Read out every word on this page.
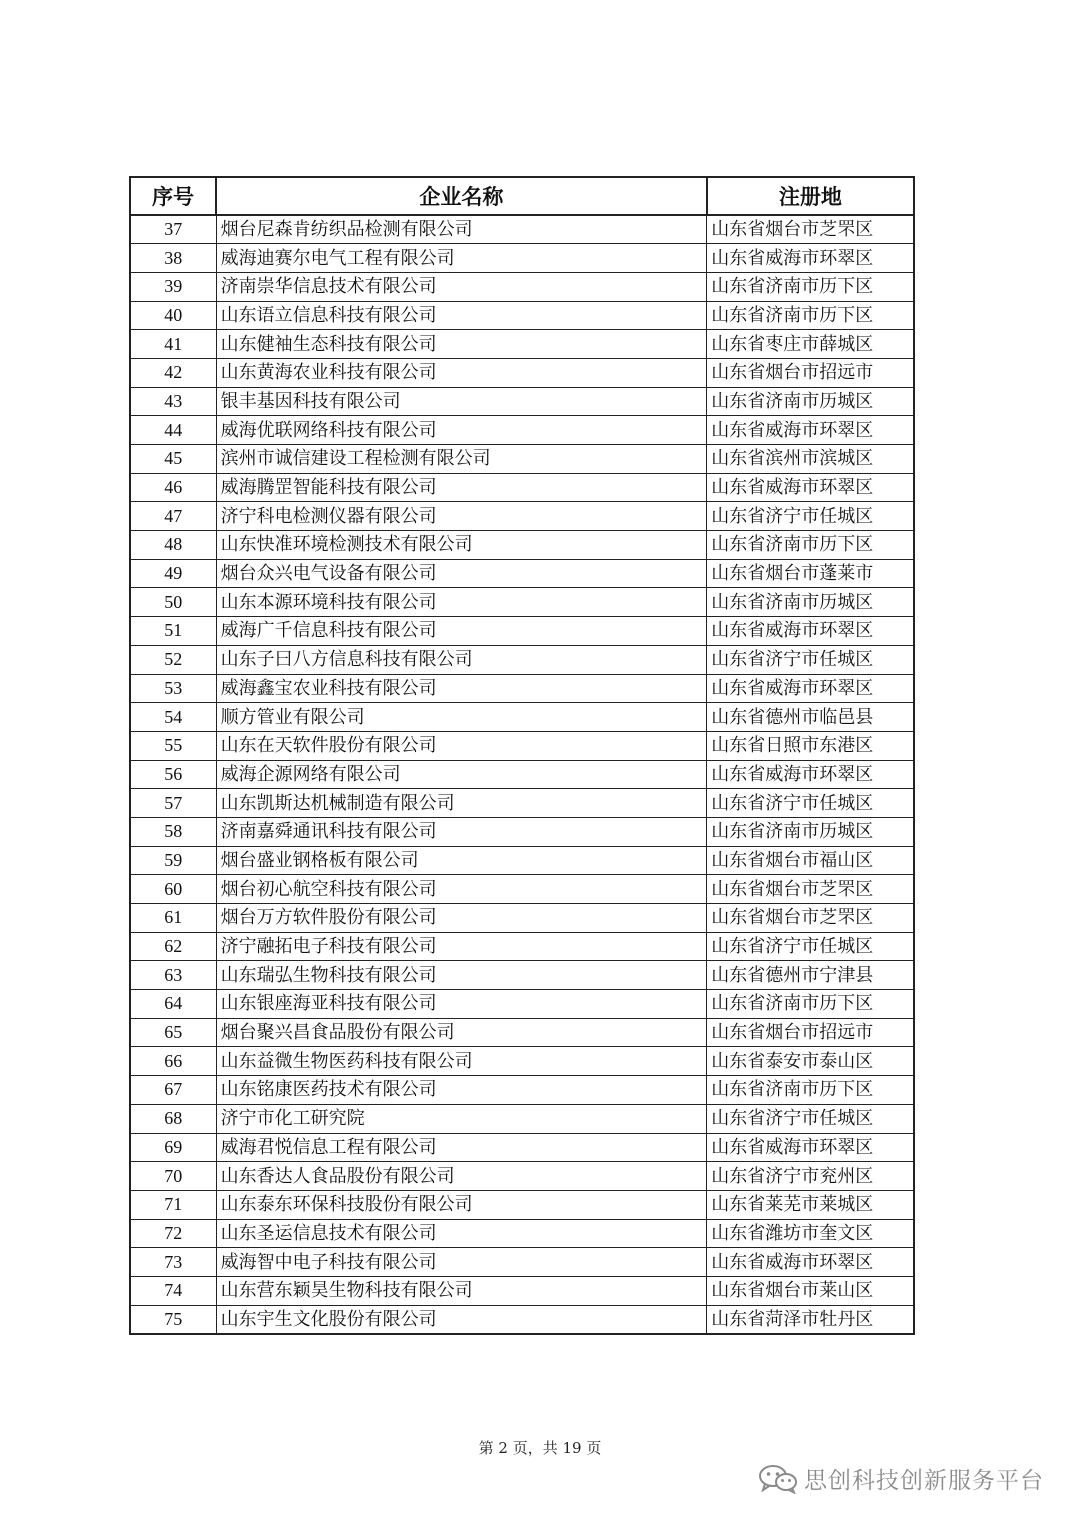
序号	企业名称	注册地
37	烟台尼森肯纺织品检测有限公司	山东省烟台市芝罘区
38	威海迪赛尔电气工程有限公司	山东省威海市环翠区
39	济南崇华信息技术有限公司	山东省济南市历下区
40	山东语立信息科技有限公司	山东省济南市历下区
41	山东健袖生态科技有限公司	山东省枣庄市薛城区
42	山东黄海农业科技有限公司	山东省烟台市招远市
43	银丰基因科技有限公司	山东省济南市历城区
44	威海优联网络科技有限公司	山东省威海市环翠区
45	滨州市诚信建设工程检测有限公司	山东省滨州市滨城区
46	威海腾罡智能科技有限公司	山东省威海市环翠区
47	济宁科电检测仪器有限公司	山东省济宁市任城区
48	山东快准环境检测技术有限公司	山东省济南市历下区
49	烟台众兴电气设备有限公司	山东省烟台市蓬莱市
50	山东本源环境科技有限公司	山东省济南市历城区
51	威海广千信息科技有限公司	山东省威海市环翠区
52	山东子曰八方信息科技有限公司	山东省济宁市任城区
53	威海鑫宝农业科技有限公司	山东省威海市环翠区
54	顺方管业有限公司	山东省德州市临邑县
55	山东在天软件股份有限公司	山东省日照市东港区
56	威海企源网络有限公司	山东省威海市环翠区
57	山东凯斯达机械制造有限公司	山东省济宁市任城区
58	济南嘉舜通讯科技有限公司	山东省济南市历城区
59	烟台盛业钢格板有限公司	山东省烟台市福山区
60	烟台初心航空科技有限公司	山东省烟台市芝罘区
61	烟台万方软件股份有限公司	山东省烟台市芝罘区
62	济宁融拓电子科技有限公司	山东省济宁市任城区
63	山东瑞弘生物科技有限公司	山东省德州市宁津县
64	山东银座海亚科技有限公司	山东省济南市历下区
65	烟台聚兴昌食品股份有限公司	山东省烟台市招远市
66	山东益微生物医药科技有限公司	山东省泰安市泰山区
67	山东铭康医药技术有限公司	山东省济南市历下区
68	济宁市化工研究院	山东省济宁市任城区
69	威海君悦信息工程有限公司	山东省威海市环翠区
70	山东香达人食品股份有限公司	山东省济宁市兖州区
71	山东泰东环保科技股份有限公司	山东省莱芜市莱城区
72	山东圣运信息技术有限公司	山东省潍坊市奎文区
73	威海智中电子科技有限公司	山东省威海市环翠区
74	山东营东颖昊生物科技有限公司	山东省烟台市莱山区
75	山东宇生文化股份有限公司	山东省菏泽市牡丹区
第 2 页，共 19 页
思创科技创新服务平台
